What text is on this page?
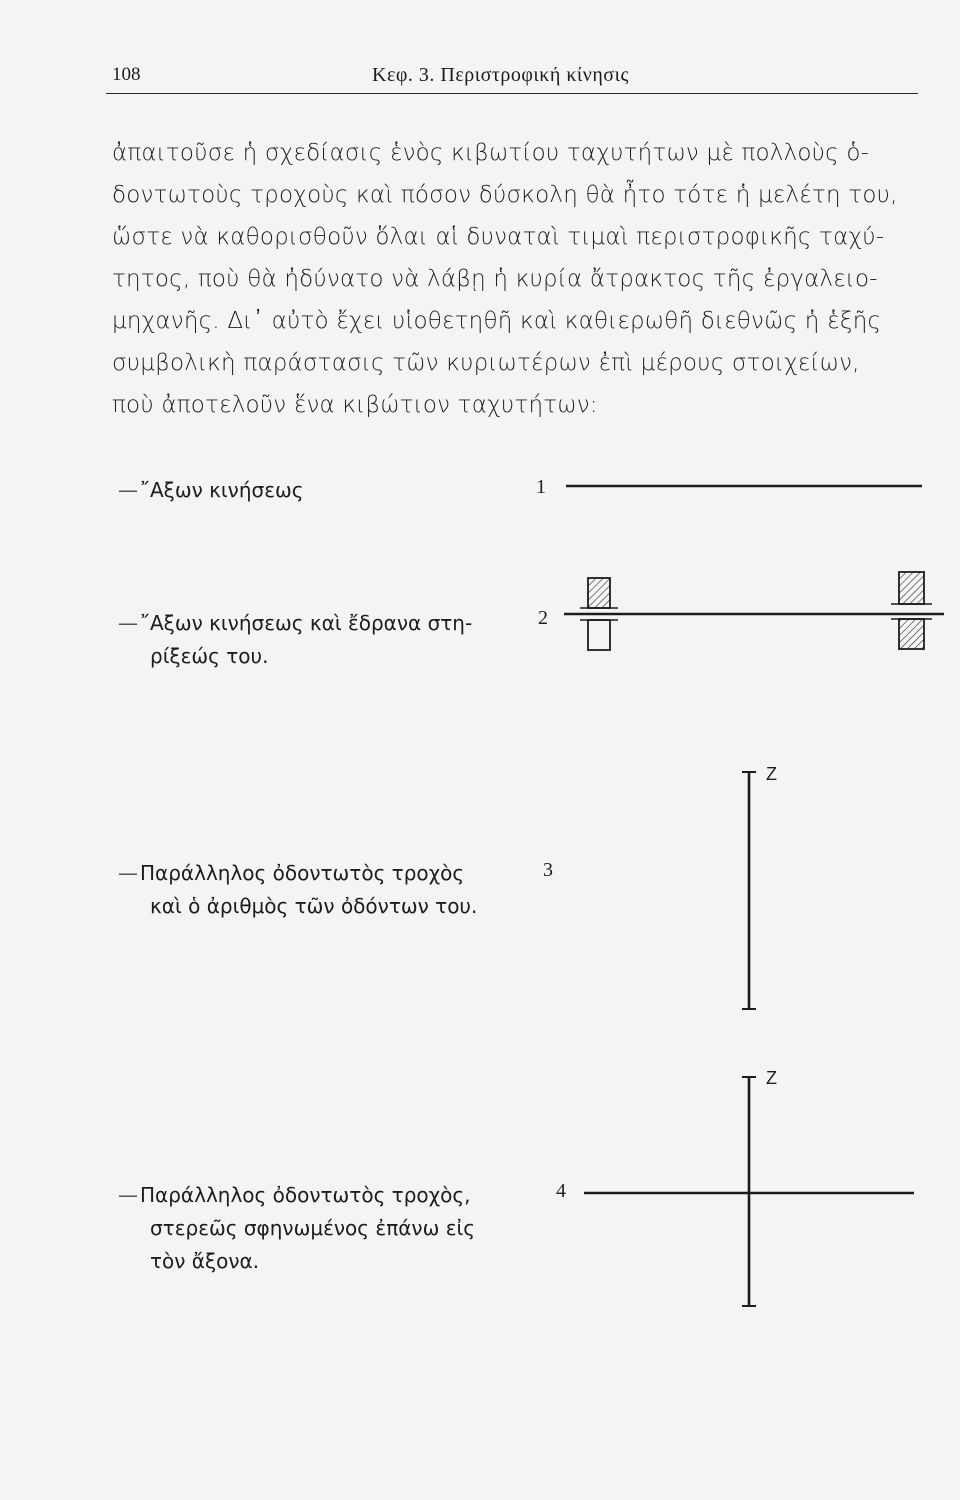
108	Κεφ. 3. Περιστροφική κίνησις
ἀπαιτοῦσε ἡ σχεδίασις ἑνὸς κιβωτίου ταχυτήτων μὲ πολλοὺς ὁ-
δοντωτοὺς τροχοὺς καὶ πόσον δύσκολη θὰ ἦτο τότε ἡ μελέτη του,
ὥστε νὰ καθορισθοῦν ὅλαι αἱ δυναταὶ τιμαὶ περιστροφικῆς ταχύ-
τητος, ποὺ θὰ ἠδύνατο νὰ λάβῃ ἡ κυρία ἄτρακτος τῆς ἐργαλειο-
μηχανῆς. Δι᾽ αὐτὸ ἔχει υἱοθετηθῆ καὶ καθιερωθῆ διεθνῶς ἡ ἑξῆς
συμβολικὴ παράστασις τῶν κυριωτέρων ἐπὶ μέρους στοιχείων,
ποὺ ἀποτελοῦν ἕνα κιβώτιον ταχυτήτων:
— ῎Αξων κινήσεως	1
— ῎Αξων κινήσεως καὶ ἔδρανα στη-
ρίξεώς του.
2
— Παράλληλος ὀδοντωτὸς τροχὸς
καὶ ὁ ἀριθμὸς τῶν ὀδόντων του.
3
Z
— Παράλληλος ὀδοντωτὸς τροχὸς,
στερεῶς σφηνωμένος ἐπάνω εἰς
τὸν ἄξονα.
4
Z
